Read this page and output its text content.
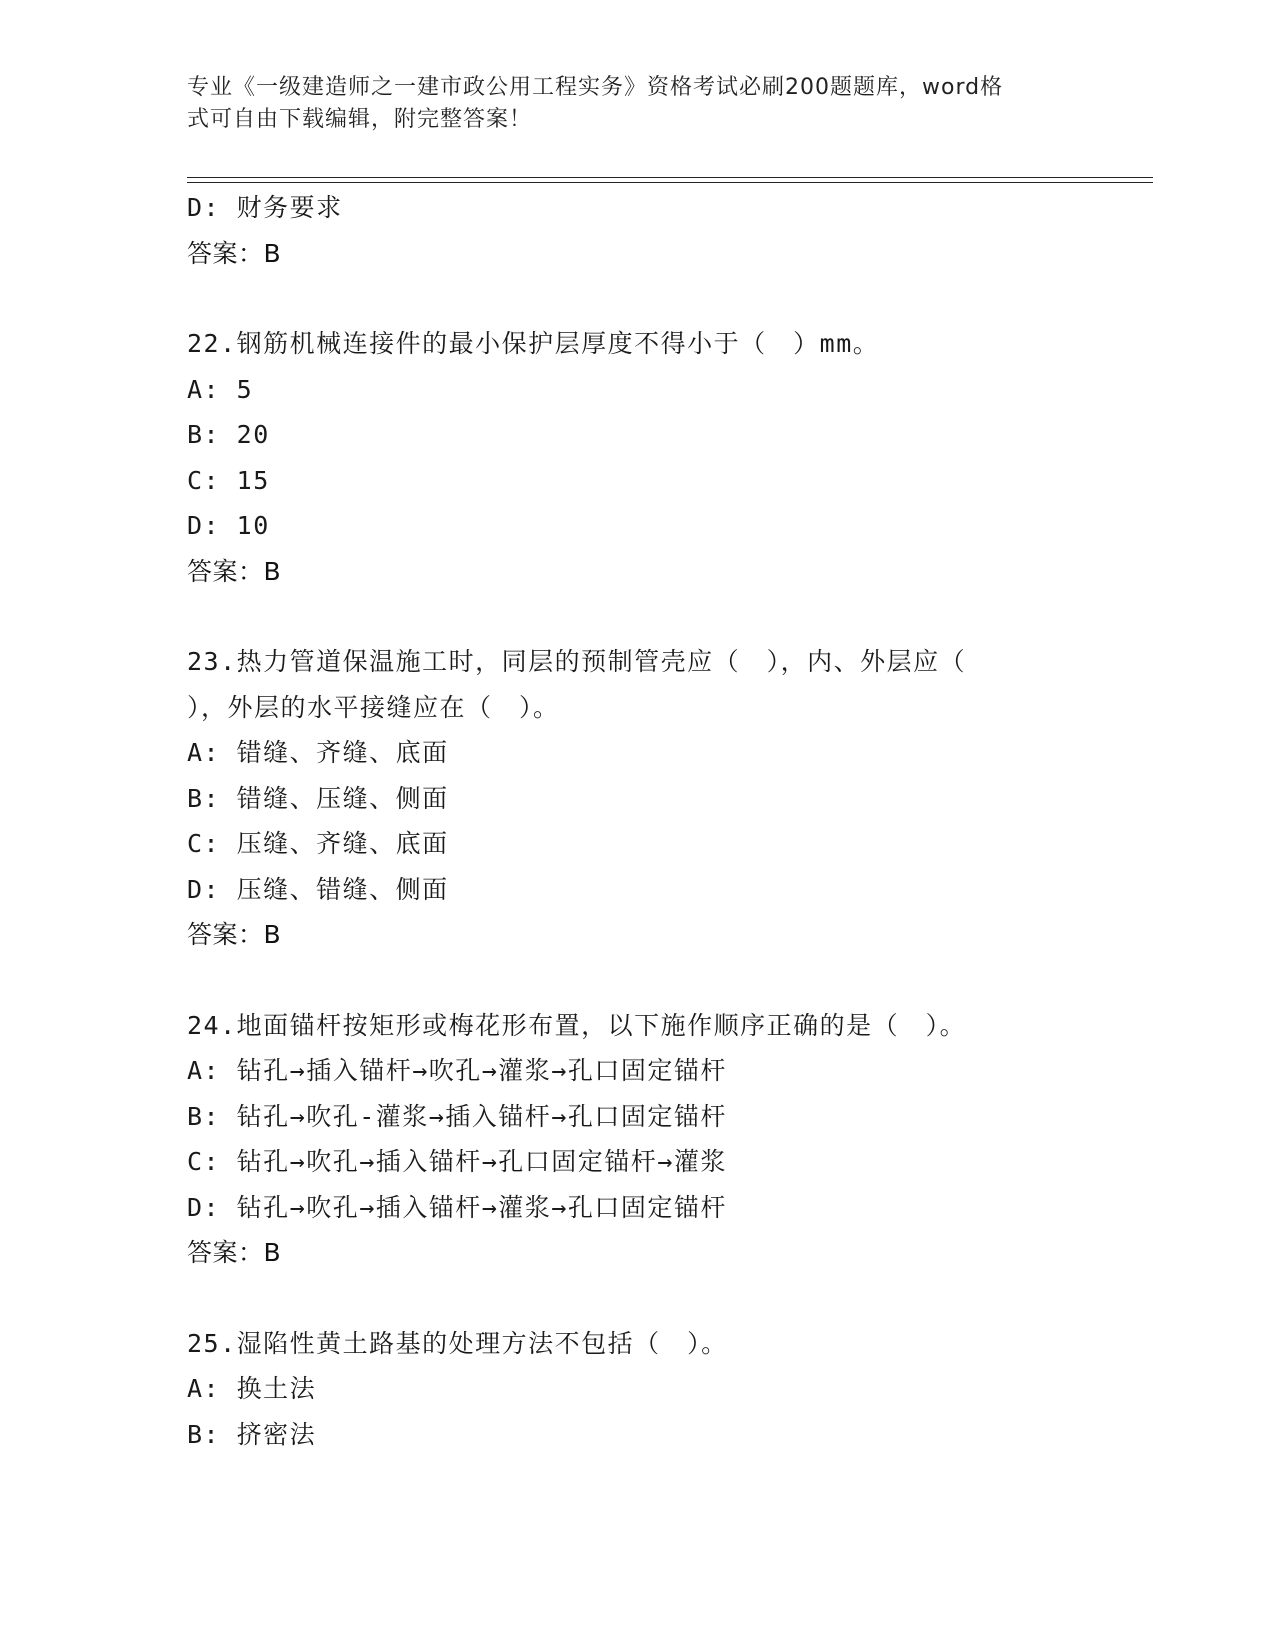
专业《一级建造师之一建市政公用工程实务》资格考试必刷200题题库，word格
式可自由下载编辑，附完整答案！
D: 财务要求
答案：B
22.钢筋机械连接件的最小保护层厚度不得小于（　）mm。
A: 5
B: 20
C: 15
D: 10
答案：B
23.热力管道保温施工时，同层的预制管壳应（　），内、外层应（
），外层的水平接缝应在（　）。
A: 错缝、齐缝、底面
B: 错缝、压缝、侧面
C: 压缝、齐缝、底面
D: 压缝、错缝、侧面
答案：B
24.地面锚杆按矩形或梅花形布置，以下施作顺序正确的是（　）。
A: 钻孔→插入锚杆→吹孔→灌浆→孔口固定锚杆
B: 钻孔→吹孔-灌浆→插入锚杆→孔口固定锚杆
C: 钻孔→吹孔→插入锚杆→孔口固定锚杆→灌浆
D: 钻孔→吹孔→插入锚杆→灌浆→孔口固定锚杆
答案：B
25.湿陷性黄土路基的处理方法不包括（　）。
A: 换土法
B: 挤密法
